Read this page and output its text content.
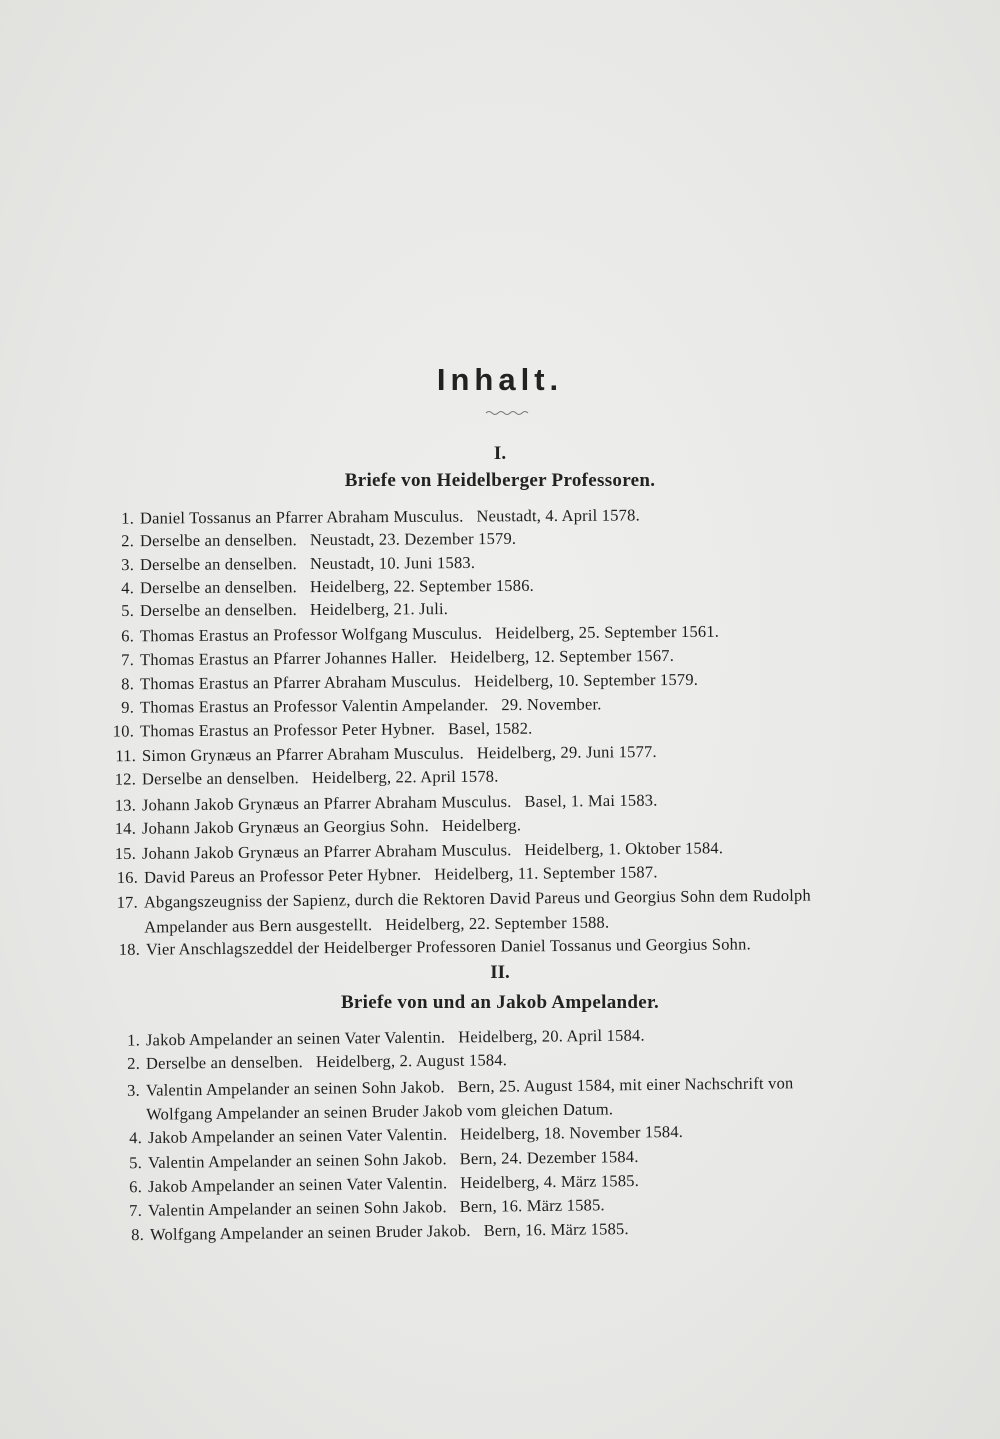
Inhalt.
I.
Briefe von Heidelberger Professoren.
1. Daniel Tossanus an Pfarrer Abraham Musculus.   Neustadt, 4. April 1578.
2. Derselbe an denselben.   Neustadt, 23. Dezember 1579.
3. Derselbe an denselben.   Neustadt, 10. Juni 1583.
4. Derselbe an denselben.   Heidelberg, 22. September 1586.
5. Derselbe an denselben.   Heidelberg, 21. Juli.
6. Thomas Erastus an Professor Wolfgang Musculus.   Heidelberg, 25. September 1561.
7. Thomas Erastus an Pfarrer Johannes Haller.   Heidelberg, 12. September 1567.
8. Thomas Erastus an Pfarrer Abraham Musculus.   Heidelberg, 10. September 1579.
9. Thomas Erastus an Professor Valentin Ampelander.   29. November.
10. Thomas Erastus an Professor Peter Hybner.   Basel, 1582.
11. Simon Grynæus an Pfarrer Abraham Musculus.   Heidelberg, 29. Juni 1577.
12. Derselbe an denselben.   Heidelberg, 22. April 1578.
13. Johann Jakob Grynæus an Pfarrer Abraham Musculus.   Basel, 1. Mai 1583.
14. Johann Jakob Grynæus an Georgius Sohn.   Heidelberg.
15. Johann Jakob Grynæus an Pfarrer Abraham Musculus.   Heidelberg, 1. Oktober 1584.
16. David Pareus an Professor Peter Hybner.   Heidelberg, 11. September 1587.
17. Abgangszeugniss der Sapienz, durch die Rektoren David Pareus und Georgius Sohn dem Rudolph
Ampelander aus Bern ausgestellt.   Heidelberg, 22. September 1588.
18. Vier Anschlagszeddel der Heidelberger Professoren Daniel Tossanus und Georgius Sohn.
II.
Briefe von und an Jakob Ampelander.
1. Jakob Ampelander an seinen Vater Valentin.   Heidelberg, 20. April 1584.
2. Derselbe an denselben.   Heidelberg, 2. August 1584.
3. Valentin Ampelander an seinen Sohn Jakob.   Bern, 25. August 1584, mit einer Nachschrift von
Wolfgang Ampelander an seinen Bruder Jakob vom gleichen Datum.
4. Jakob Ampelander an seinen Vater Valentin.   Heidelberg, 18. November 1584.
5. Valentin Ampelander an seinen Sohn Jakob.   Bern, 24. Dezember 1584.
6. Jakob Ampelander an seinen Vater Valentin.   Heidelberg, 4. März 1585.
7. Valentin Ampelander an seinen Sohn Jakob.   Bern, 16. März 1585.
8. Wolfgang Ampelander an seinen Bruder Jakob.   Bern, 16. März 1585.
